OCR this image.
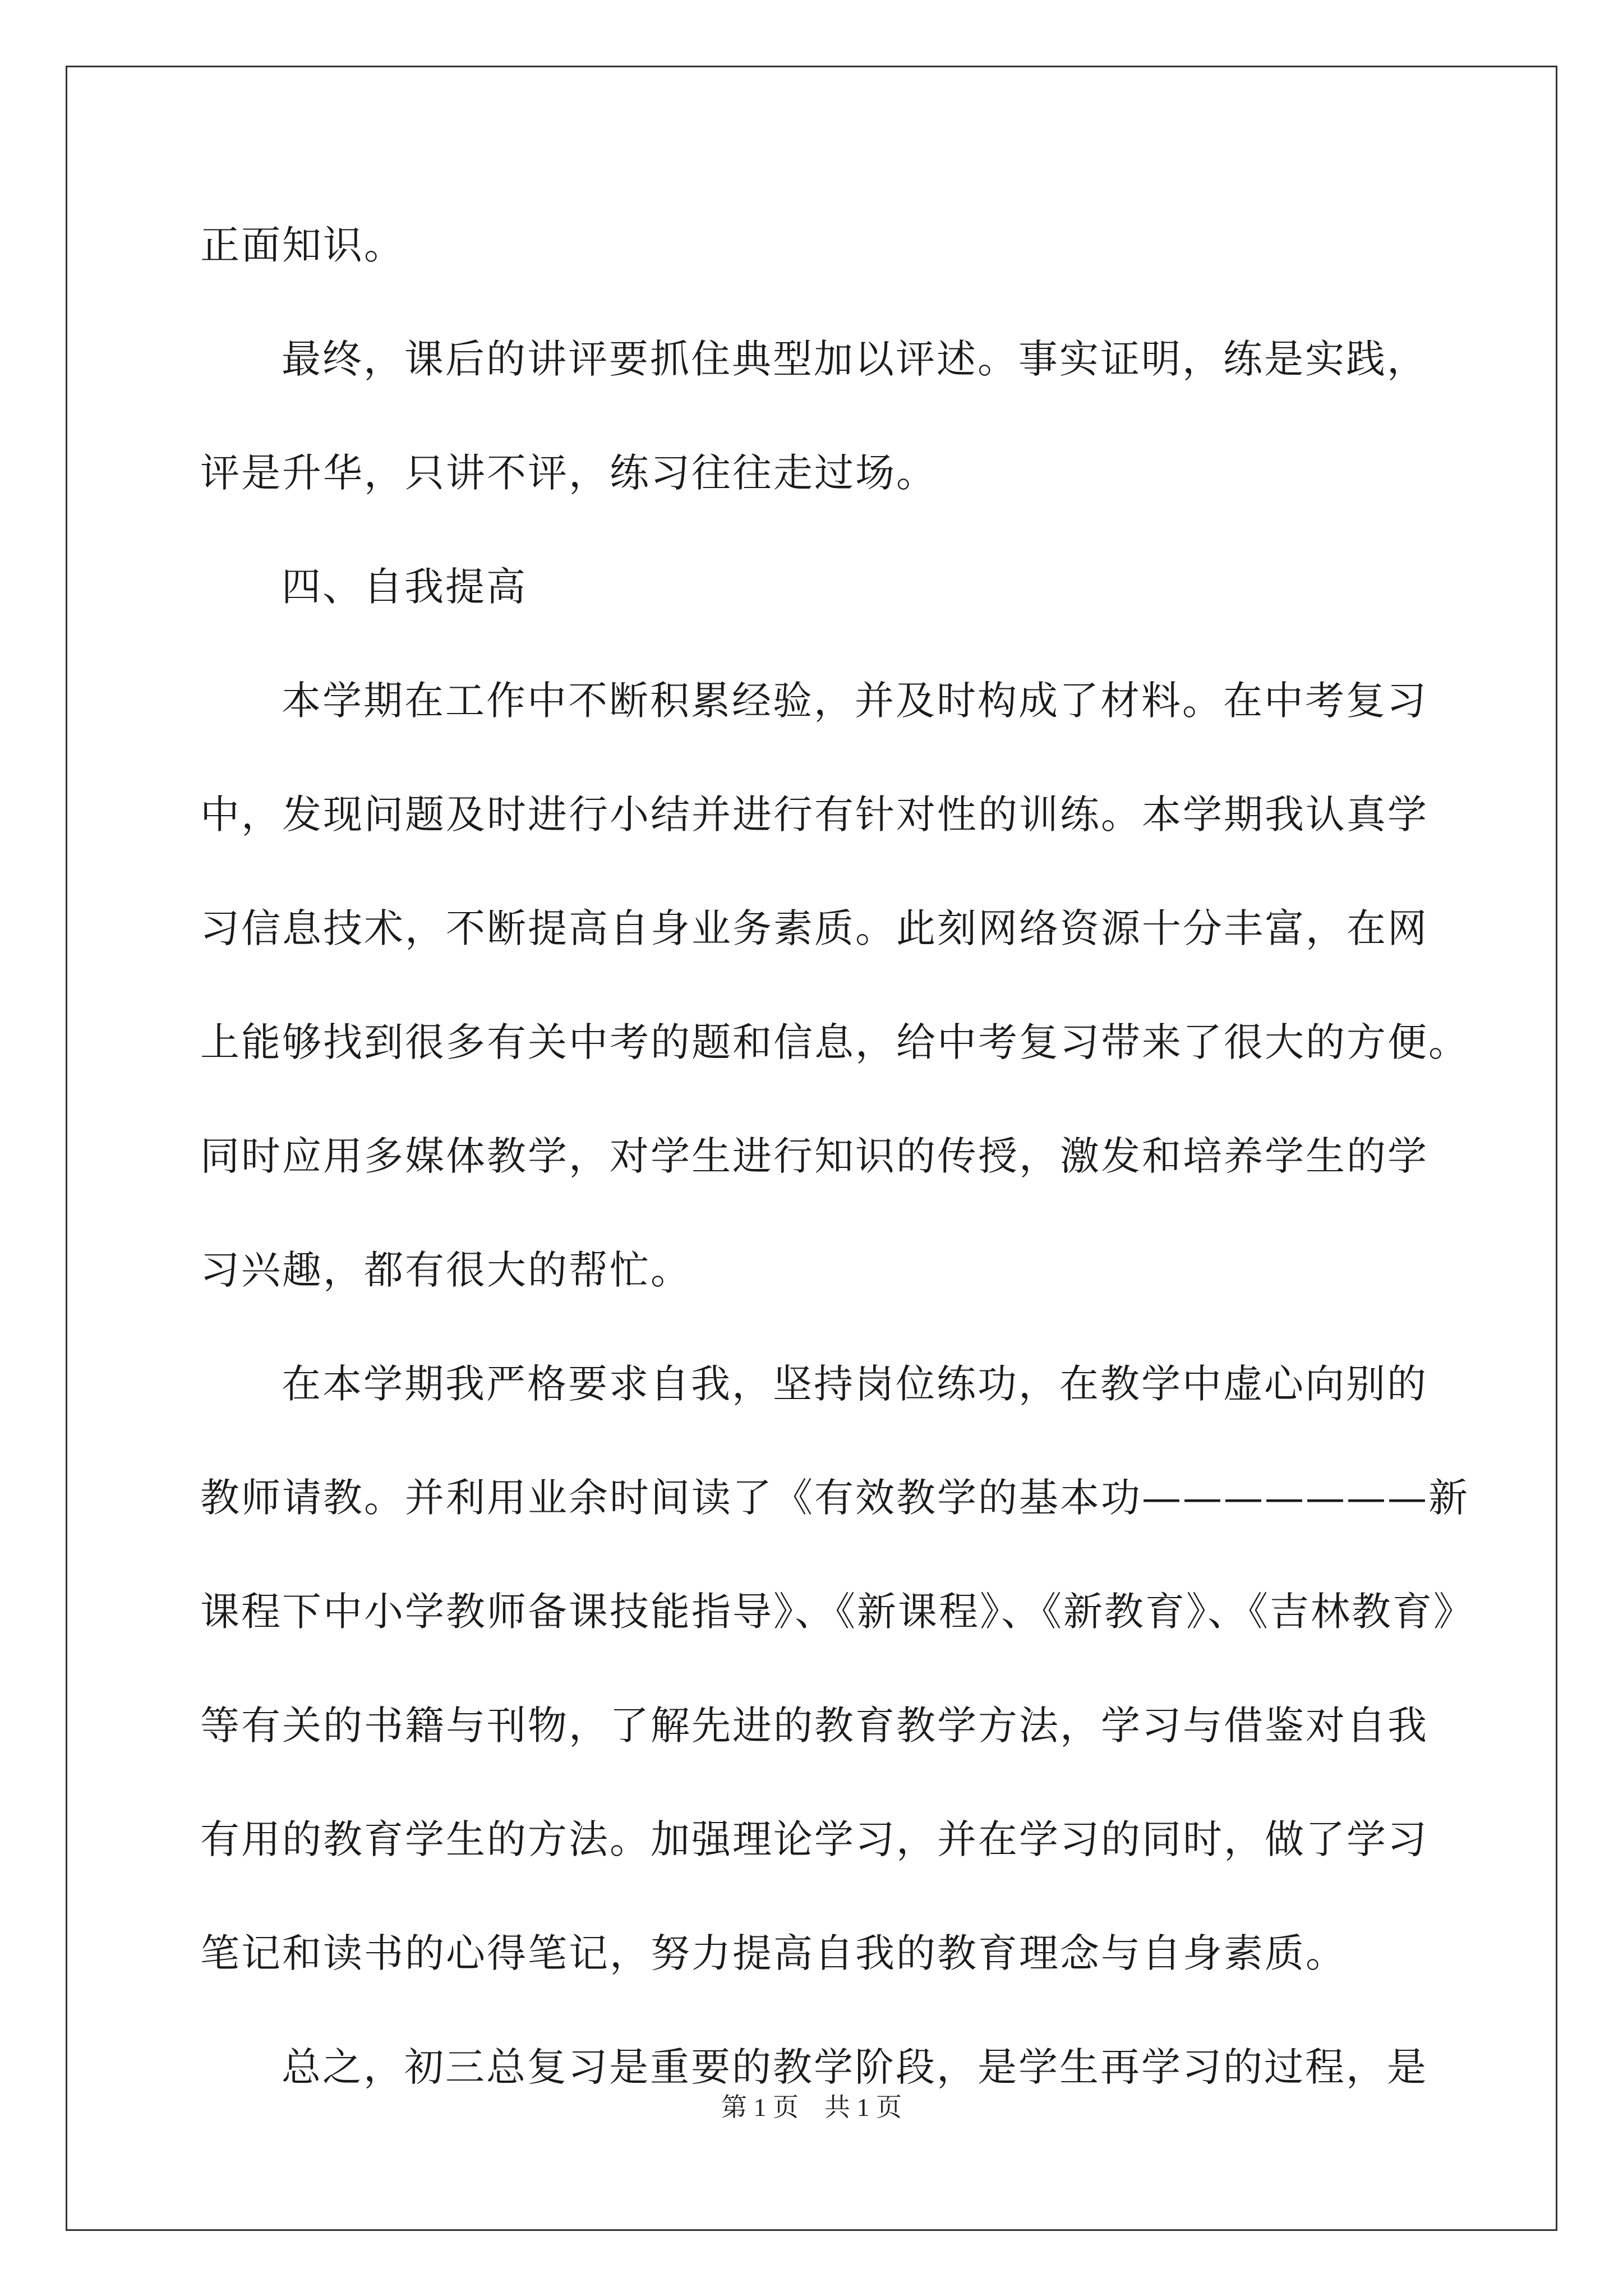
正面知识。
最终，课后的讲评要抓住典型加以评述。事实证明，练是实践，
评是升华，只讲不评，练习往往走过场。
四、自我提高
本学期在工作中不断积累经验，并及时构成了材料。在中考复习
中，发现问题及时进行小结并进行有针对性的训练。本学期我认真学
习信息技术，不断提高自身业务素质。此刻网络资源十分丰富，在网
上能够找到很多有关中考的题和信息，给中考复习带来了很大的方便。
同时应用多媒体教学，对学生进行知识的传授，激发和培养学生的学
习兴趣，都有很大的帮忙。
在本学期我严格要求自我，坚持岗位练功，在教学中虚心向别的
教师请教。并利用业余时间读了《有效教学的基本功———————新
课程下中小学教师备课技能指导》、《新课程》、《新教育》、《吉林教育》
等有关的书籍与刊物，了解先进的教育教学方法，学习与借鉴对自我
有用的教育学生的方法。加强理论学习，并在学习的同时，做了学习
笔记和读书的心得笔记，努力提高自我的教育理念与自身素质。
总之，初三总复习是重要的教学阶段，是学生再学习的过程，是
第 1 页    共 1 页
